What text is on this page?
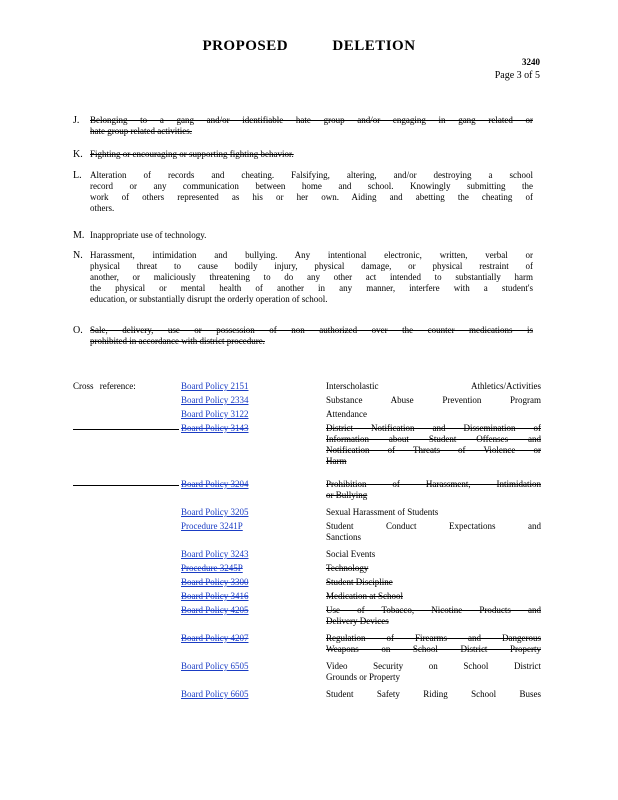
PROPOSED DELETION
3240
Page 3 of 5
J. Belonging to a gang and/or identifiable hate group and/or engaging in gang related or
hate group related activities.
K. Fighting or encouraging or supporting fighting behavior.
L. Alteration of records and cheating. Falsifying, altering, and/or destroying a school
record or any communication between home and school. Knowingly submitting the
work of others represented as his or her own. Aiding and abetting the cheating of
others.
M. Inappropriate use of technology.
N. Harassment, intimidation and bullying. Any intentional electronic, written, verbal or
physical threat to cause bodily injury, physical damage, or physical restraint of
another, or maliciously threatening to do any other act intended to substantially harm
the physical or mental health of another in any manner, interfere with a student's
education, or substantially disrupt the orderly operation of school.
O. Sale, delivery, use or possession of non authorized over the counter medications is
prohibited in accordance with district procedure.
Cross reference:	Board Policy 2151	Interscholastic Athletics/Activities
Board Policy 2334	Substance Abuse Prevention Program
Board Policy 3122	Attendance
Board Policy 3143	District Notification and Dissemination of
Information about Student Offenses and
Notification of Threats of Violence or
Harm
Board Policy 3204	Prohibition of Harassment, Intimidation
or Bullying
Board Policy 3205	Sexual Harassment of Students
Procedure 3241P	Student Conduct Expectations and
Sanctions
Board Policy 3243	Social Events
Procedure 3245P	Technology
Board Policy 3300	Student Discipline
Board Policy 3416	Medication at School
Board Policy 4205	Use of Tobacco, Nicotine Products and
Delivery Devices
Board Policy 4207	Regulation of Firearms and Dangerous
Weapons on School District Property
Board Policy 6505	Video Security on School District
Grounds or Property
Board Policy 6605	Student Safety Riding School Buses
